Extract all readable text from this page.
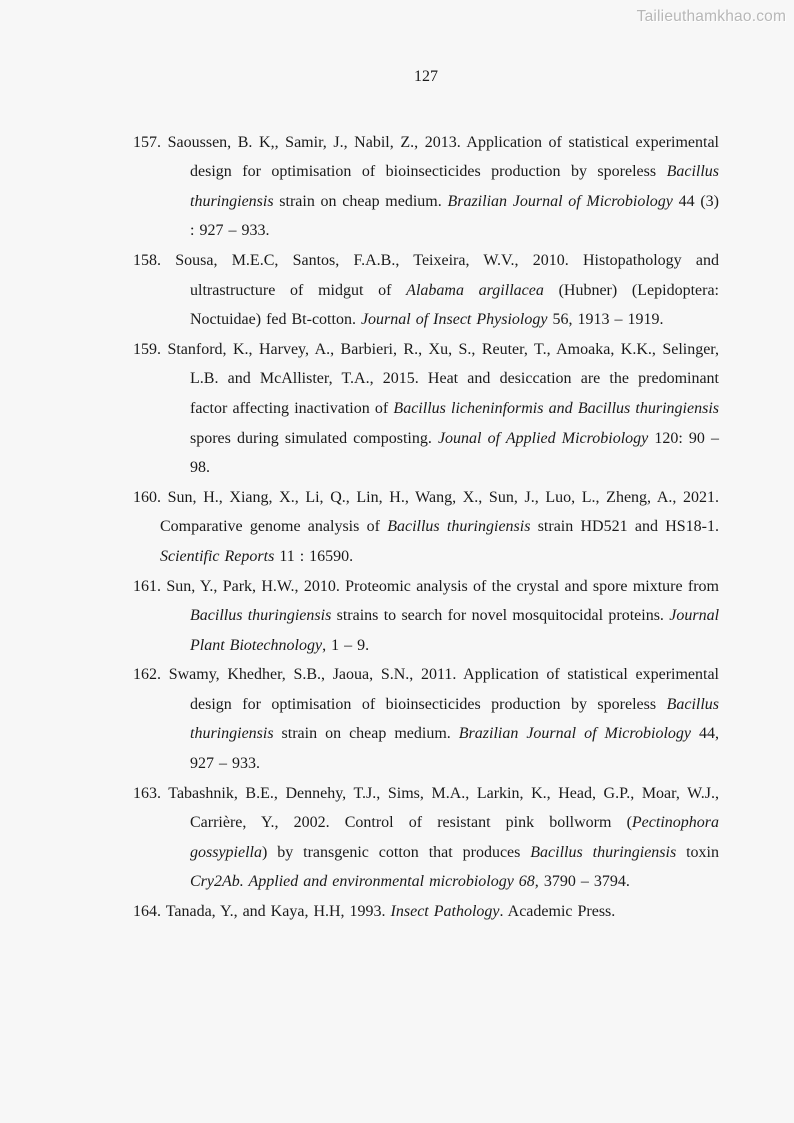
Tailieuthamkhao.com
127
157. Saoussen, B. K,, Samir, J., Nabil, Z., 2013. Application of statistical experimental design for optimisation of bioinsecticides production by sporeless Bacillus thuringiensis strain on cheap medium. Brazilian Journal of Microbiology 44 (3) : 927 – 933.
158. Sousa, M.E.C, Santos, F.A.B., Teixeira, W.V., 2010. Histopathology and ultrastructure of midgut of Alabama argillacea (Hubner) (Lepidoptera: Noctuidae) fed Bt-cotton. Journal of Insect Physiology 56, 1913 – 1919.
159. Stanford, K., Harvey, A., Barbieri, R., Xu, S., Reuter, T., Amoaka, K.K., Selinger, L.B. and McAllister, T.A., 2015. Heat and desiccation are the predominant factor affecting inactivation of Bacillus licheninformis and Bacillus thuringiensis spores during simulated composting. Jounal of Applied Microbiology 120: 90 – 98.
160. Sun, H., Xiang, X., Li, Q., Lin, H., Wang, X., Sun, J., Luo, L., Zheng, A., 2021. Comparative genome analysis of Bacillus thuringiensis strain HD521 and HS18-1. Scientific Reports 11 : 16590.
161. Sun, Y., Park, H.W., 2010. Proteomic analysis of the crystal and spore mixture from Bacillus thuringiensis strains to search for novel mosquitocidal proteins. Journal Plant Biotechnology, 1 – 9.
162. Swamy, Khedher, S.B., Jaoua, S.N., 2011. Application of statistical experimental design for optimisation of bioinsecticides production by sporeless Bacillus thuringiensis strain on cheap medium. Brazilian Journal of Microbiology 44, 927 – 933.
163. Tabashnik, B.E., Dennehy, T.J., Sims, M.A., Larkin, K., Head, G.P., Moar, W.J., Carrière, Y., 2002. Control of resistant pink bollworm (Pectinophora gossypiella) by transgenic cotton that produces Bacillus thuringiensis toxin Cry2Ab. Applied and environmental microbiology 68, 3790 – 3794.
164. Tanada, Y., and Kaya, H.H, 1993. Insect Pathology. Academic Press.
